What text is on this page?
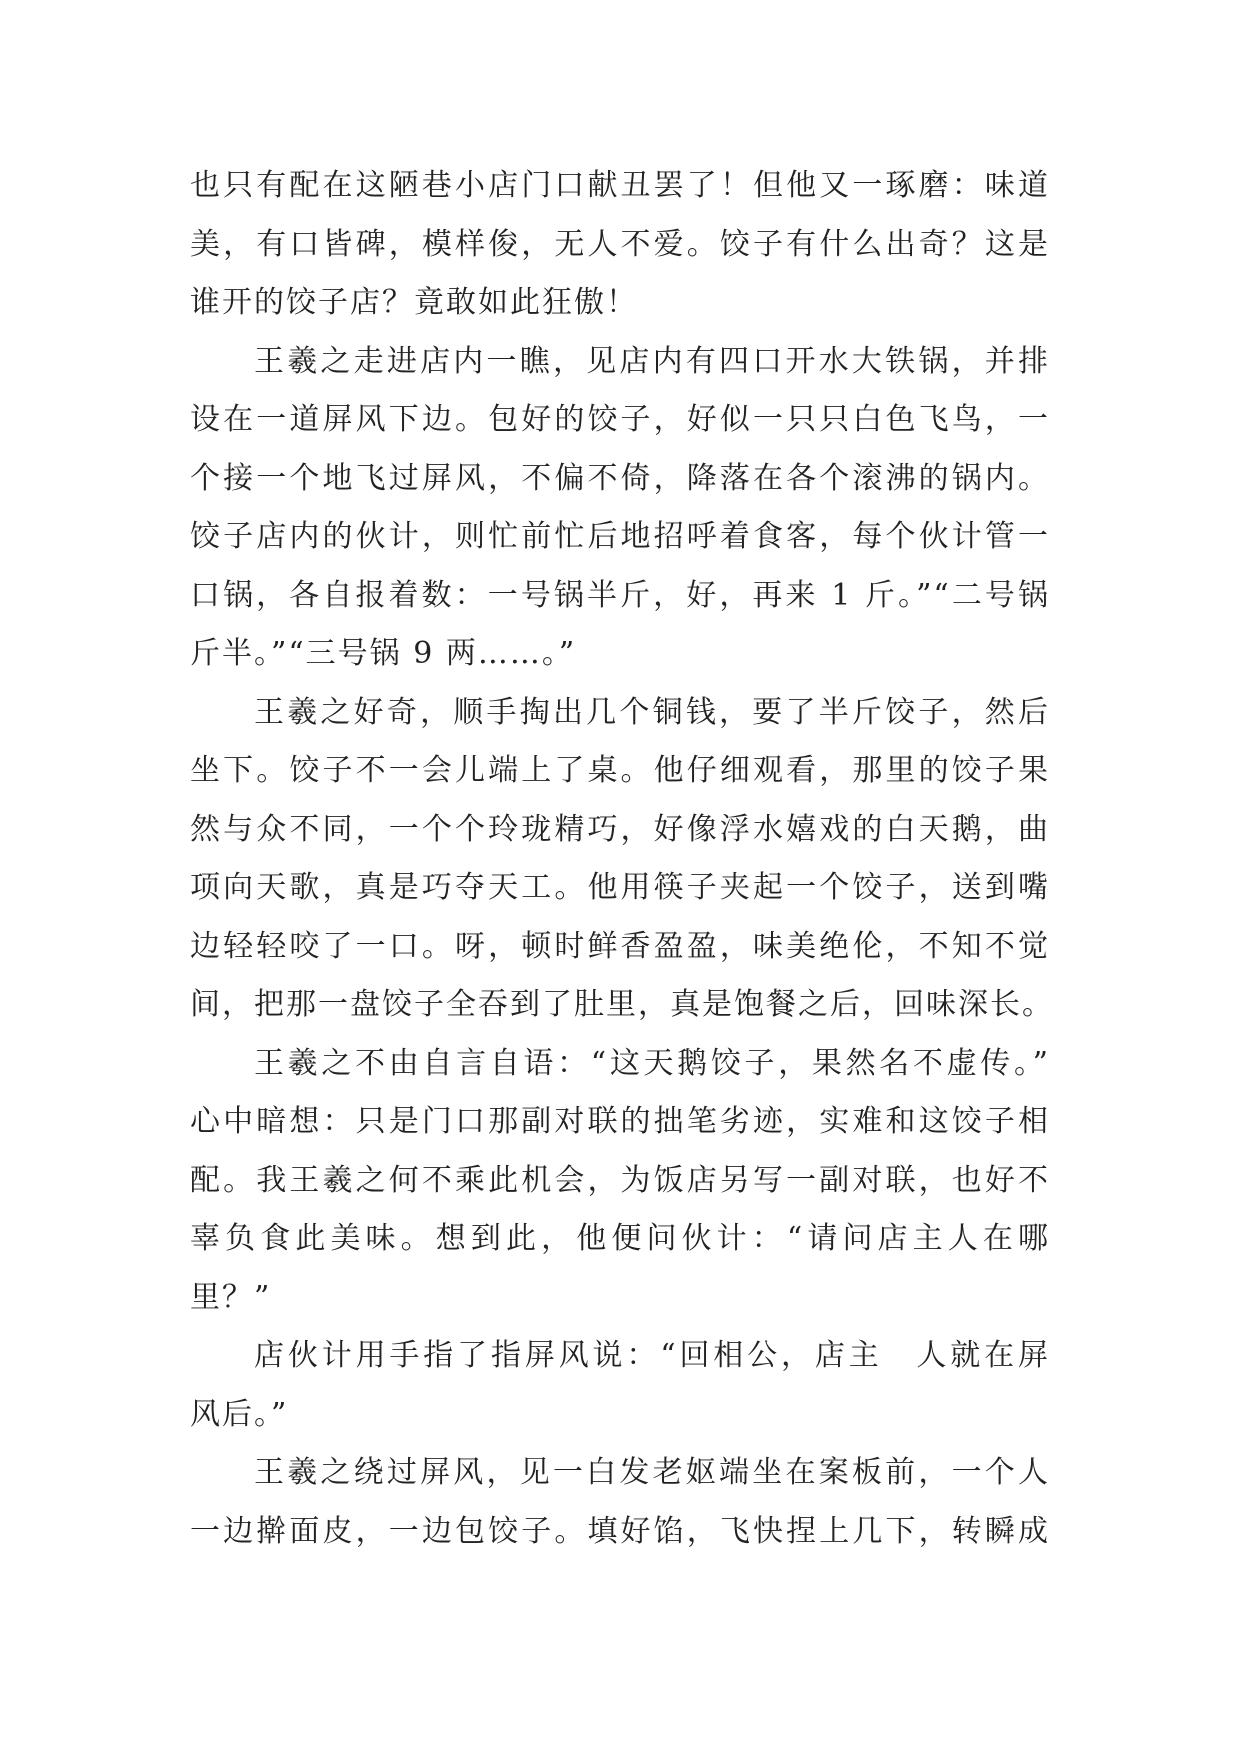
也只有配在这陋巷小店门口献丑罢了！但他又一琢磨：味道
美，有口皆碑，模样俊，无人不爱。饺子有什么出奇？这是
谁开的饺子店？竟敢如此狂傲！
王羲之走进店内一瞧，见店内有四口开水大铁锅，并排
设在一道屏风下边。包好的饺子，好似一只只白色飞鸟，一
个接一个地飞过屏风，不偏不倚，降落在各个滚沸的锅内。
饺子店内的伙计，则忙前忙后地招呼着食客，每个伙计管一
口锅，各自报着数：一号锅半斤，好，再来 1 斤。”“二号锅
斤半。”“三号锅 9 两……。”
王羲之好奇，顺手掏出几个铜钱，要了半斤饺子，然后
坐下。饺子不一会儿端上了桌。他仔细观看，那里的饺子果
然与众不同，一个个玲珑精巧，好像浮水嬉戏的白天鹅，曲
项向天歌，真是巧夺天工。他用筷子夹起一个饺子，送到嘴
边轻轻咬了一口。呀，顿时鲜香盈盈，味美绝伦，不知不觉
间，把那一盘饺子全吞到了肚里，真是饱餐之后，回味深长。
王羲之不由自言自语：“这天鹅饺子，果然名不虚传。”
心中暗想：只是门口那副对联的拙笔劣迹，实难和这饺子相
配。我王羲之何不乘此机会，为饭店另写一副对联，也好不
辜负食此美味。想到此，他便问伙计：“请问店主人在哪
里？”
店伙计用手指了指屏风说：“回相公，店主　人就在屏
风后。”
王羲之绕过屏风，见一白发老妪端坐在案板前，一个人
一边擀面皮，一边包饺子。填好馅，飞快捏上几下，转瞬成
